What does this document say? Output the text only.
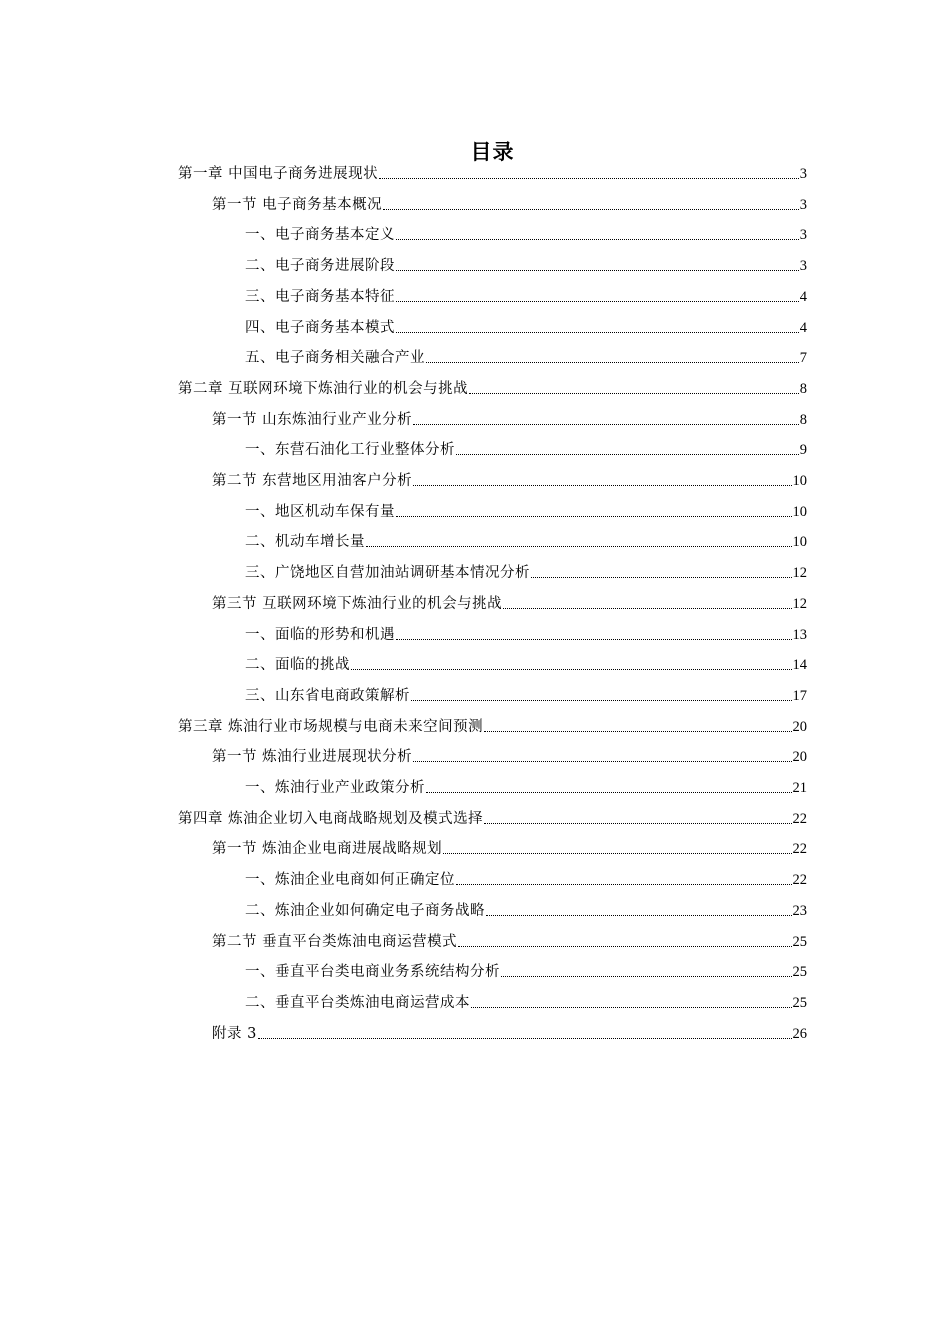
目录
第一章 中国电子商务进展现状	3
第一节 电子商务基本概况	3
一、电子商务基本定义	3
二、电子商务进展阶段	3
三、电子商务基本特征	4
四、电子商务基本模式	4
五、电子商务相关融合产业	7
第二章 互联网环境下炼油行业的机会与挑战	8
第一节 山东炼油行业产业分析	8
一、东营石油化工行业整体分析	9
第二节 东营地区用油客户分析	10
一、地区机动车保有量	10
二、机动车增长量	10
三、广饶地区自营加油站调研基本情况分析	12
第三节 互联网环境下炼油行业的机会与挑战	12
一、面临的形势和机遇	13
二、面临的挑战	14
三、山东省电商政策解析	17
第三章 炼油行业市场规模与电商未来空间预测	20
第一节 炼油行业进展现状分析	20
一、炼油行业产业政策分析	21
第四章 炼油企业切入电商战略规划及模式选择	22
第一节 炼油企业电商进展战略规划	22
一、炼油企业电商如何正确定位	22
二、炼油企业如何确定电子商务战略	23
第二节 垂直平台类炼油电商运营模式	25
一、垂直平台类电商业务系统结构分析	25
二、垂直平台类炼油电商运营成本	25
附录 3	26
